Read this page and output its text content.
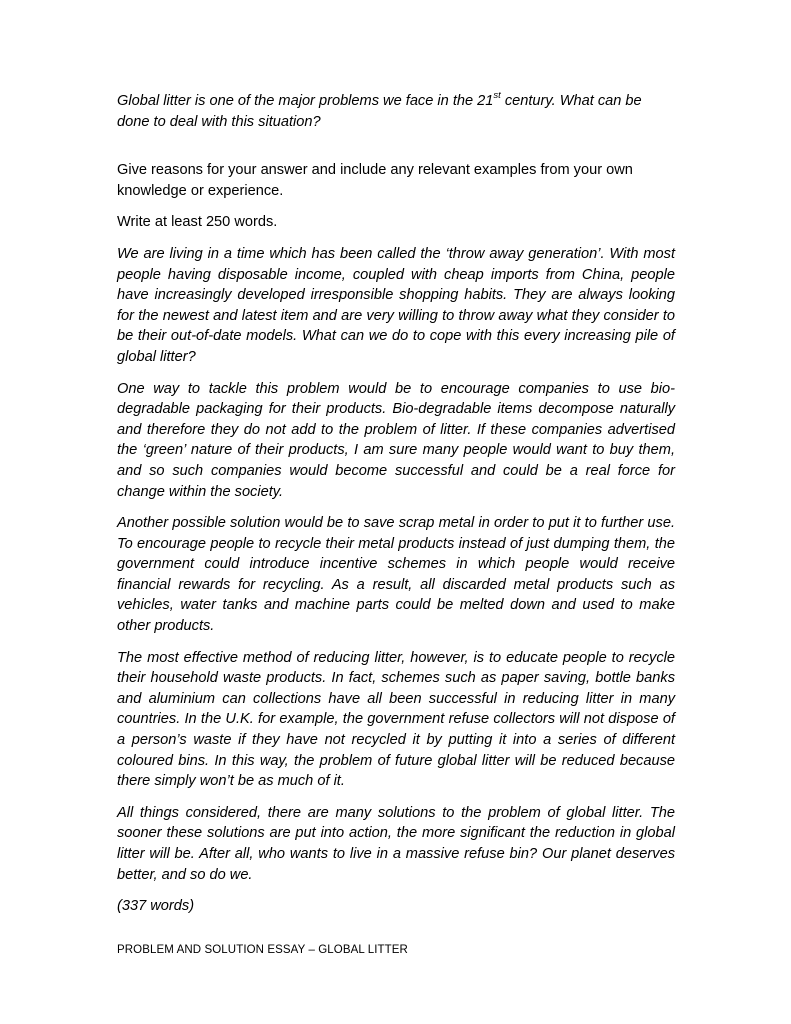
Global litter is one of the major problems we face in the 21st century. What can be done to deal with this situation?

Give reasons for your answer and include any relevant examples from your own knowledge or experience.

Write at least 250 words.

We are living in a time which has been called the ‘throw away generation’. With most people having disposable income, coupled with cheap imports from China, people have increasingly developed irresponsible shopping habits. They are always looking for the newest and latest item and are very willing to throw away what they consider to be their out-of-date models. What can we do to cope with this every increasing pile of global litter?

One way to tackle this problem would be to encourage companies to use bio-degradable packaging for their products. Bio-degradable items decompose naturally and therefore they do not add to the problem of litter. If these companies advertised the ‘green’ nature of their products, I am sure many people would want to buy them, and so such companies would become successful and could be a real force for change within the society.

Another possible solution would be to save scrap metal in order to put it to further use. To encourage people to recycle their metal products instead of just dumping them, the government could introduce incentive schemes in which people would receive financial rewards for recycling. As a result, all discarded metal products such as vehicles, water tanks and machine parts could be melted down and used to make other products.

The most effective method of reducing litter, however, is to educate people to recycle their household waste products. In fact, schemes such as paper saving, bottle banks and aluminium can collections have all been successful in reducing litter in many countries. In the U.K. for example, the government refuse collectors will not dispose of a person’s waste if they have not recycled it by putting it into a series of different coloured bins. In this way, the problem of future global litter will be reduced because there simply won’t be as much of it.

All things considered, there are many solutions to the problem of global litter. The sooner these solutions are put into action, the more significant the reduction in global litter will be. After all, who wants to live in a massive refuse bin? Our planet deserves better, and so do we.

(337 words)

PROBLEM AND SOLUTION ESSAY – GLOBAL LITTER
